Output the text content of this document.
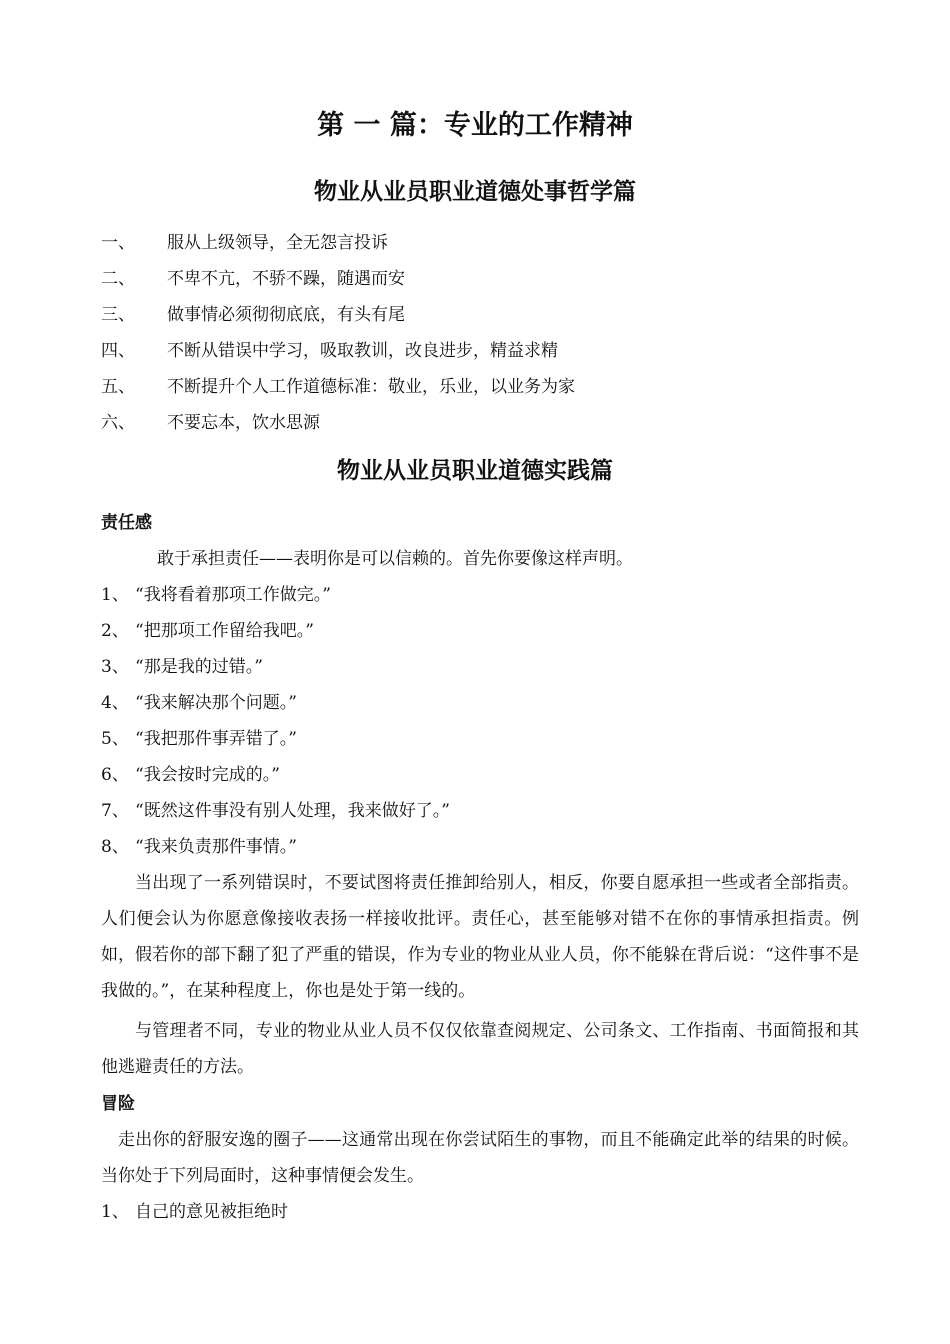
第 一 篇：专业的工作精神
物业从业员职业道德处事哲学篇
一、 服从上级领导，全无怨言投诉
二、 不卑不亢，不骄不躁，随遇而安
三、 做事情必须彻彻底底，有头有尾
四、 不断从错误中学习，吸取教训，改良进步，精益求精
五、 不断提升个人工作道德标准：敬业，乐业，以业务为家
六、 不要忘本，饮水思源
物业从业员职业道德实践篇
责任感
敢于承担责任——表明你是可以信赖的。首先你要像这样声明。
1、 “我将看着那项工作做完。”
2、 “把那项工作留给我吧。”
3、 “那是我的过错。”
4、 “我来解决那个问题。”
5、 “我把那件事弄错了。”
6、 “我会按时完成的。”
7、 “既然这件事没有别人处理，我来做好了。”
8、 “我来负责那件事情。”
当出现了一系列错误时，不要试图将责任推卸给别人，相反，你要自愿承担一些或者全部指责。人们便会认为你愿意像接收表扬一样接收批评。责任心，甚至能够对错不在你的事情承担指责。例如，假若你的部下翻了犯了严重的错误，作为专业的物业从业人员，你不能躲在背后说：“这件事不是我做的。”，在某种程度上，你也是处于第一线的。
与管理者不同，专业的物业从业人员不仅仅依靠查阅规定、公司条文、工作指南、书面简报和其他逃避责任的方法。
冒险
走出你的舒服安逸的圈子——这通常出现在你尝试陌生的事物，而且不能确定此举的结果的时候。当你处于下列局面时，这种事情便会发生。
1、 自己的意见被拒绝时
